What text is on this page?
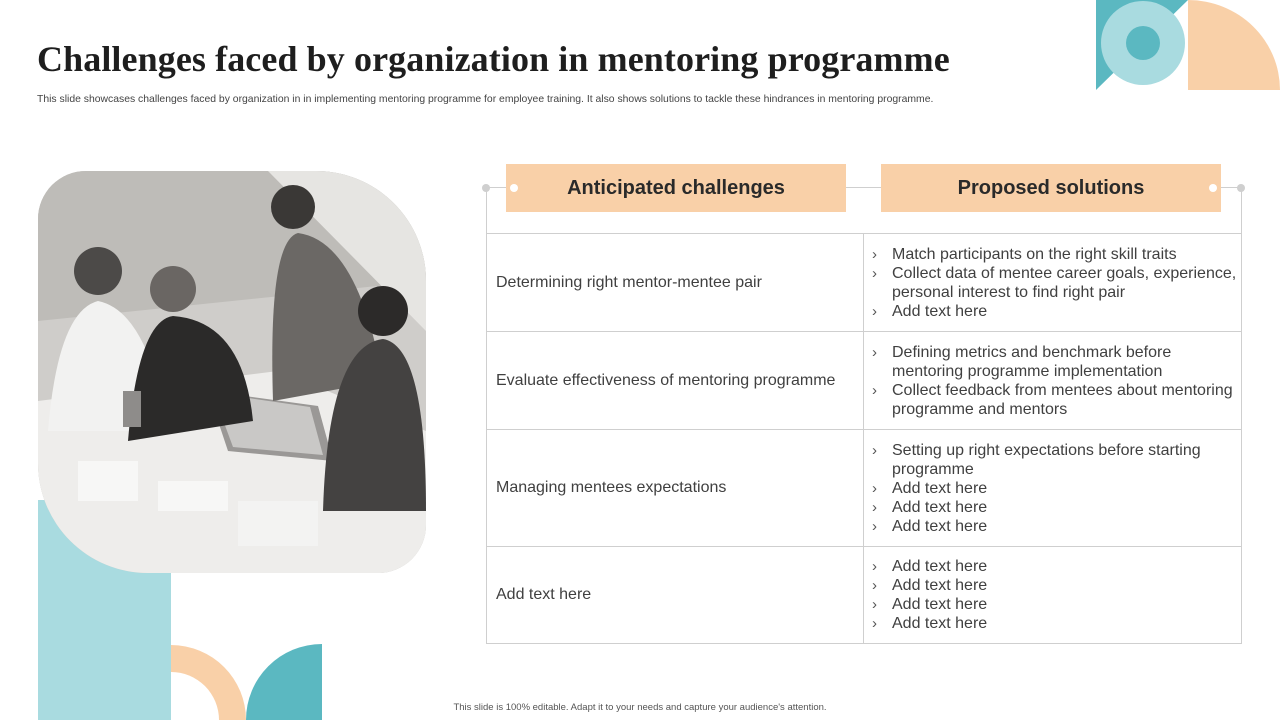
Challenges faced by organization in mentoring programme

This slide showcases challenges faced by organization in in implementing mentoring programme for employee training. It also shows solutions to tackle these hindrances in mentoring programme.

Anticipated challenges	Proposed solutions
Determining right mentor-mentee pair
› Match participants on the right skill traits
› Collect data of mentee career goals, experience, personal interest to find right pair
› Add text here
Evaluate effectiveness of mentoring programme
› Defining metrics and benchmark before mentoring programme implementation
› Collect feedback from mentees about mentoring programme and mentors
Managing mentees expectations
› Setting up right expectations before starting programme
› Add text here
› Add text here
› Add text here
Add text here
› Add text here
› Add text here
› Add text here
› Add text here
This slide is 100% editable. Adapt it to your needs and capture your audience's attention.
